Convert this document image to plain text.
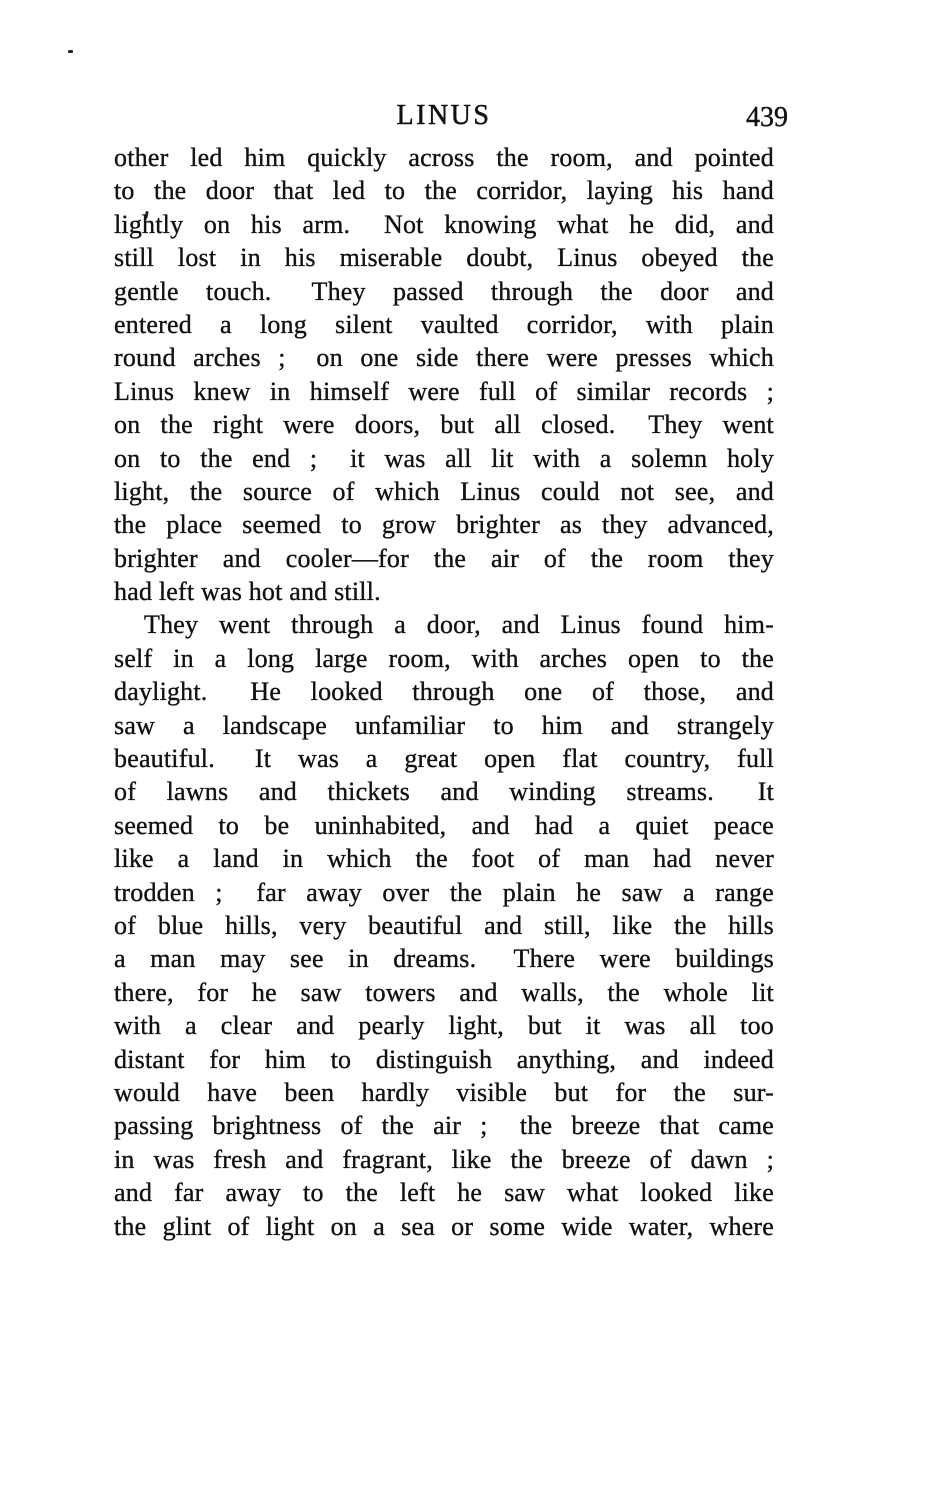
LINUS	439
other led him quickly across the room, and pointed
to the door that led to the corridor, laying his hand
lightly on his arm.  Not knowing what he did, and
still lost in his miserable doubt, Linus obeyed the
gentle touch.  They passed through the door and
entered a long silent vaulted corridor, with plain
round arches ;  on one side there were presses which
Linus knew in himself were full of similar records ;
on the right were doors, but all closed.  They went
on to the end ;  it was all lit with a solemn holy
light, the source of which Linus could not see, and
the place seemed to grow brighter as they advanced,
brighter and cooler—for the air of the room they
had left was hot and still.
They went through a door, and Linus found him-
self in a long large room, with arches open to the
daylight.  He looked through one of those, and
saw a landscape unfamiliar to him and strangely
beautiful.  It was a great open flat country, full
of lawns and thickets and winding streams.  It
seemed to be uninhabited, and had a quiet peace
like a land in which the foot of man had never
trodden ;  far away over the plain he saw a range
of blue hills, very beautiful and still, like the hills
a man may see in dreams.  There were buildings
there, for he saw towers and walls, the whole lit
with a clear and pearly light, but it was all too
distant for him to distinguish anything, and indeed
would have been hardly visible but for the sur-
passing brightness of the air ;  the breeze that came
in was fresh and fragrant, like the breeze of dawn ;
and far away to the left he saw what looked like
the glint of light on a sea or some wide water, where
